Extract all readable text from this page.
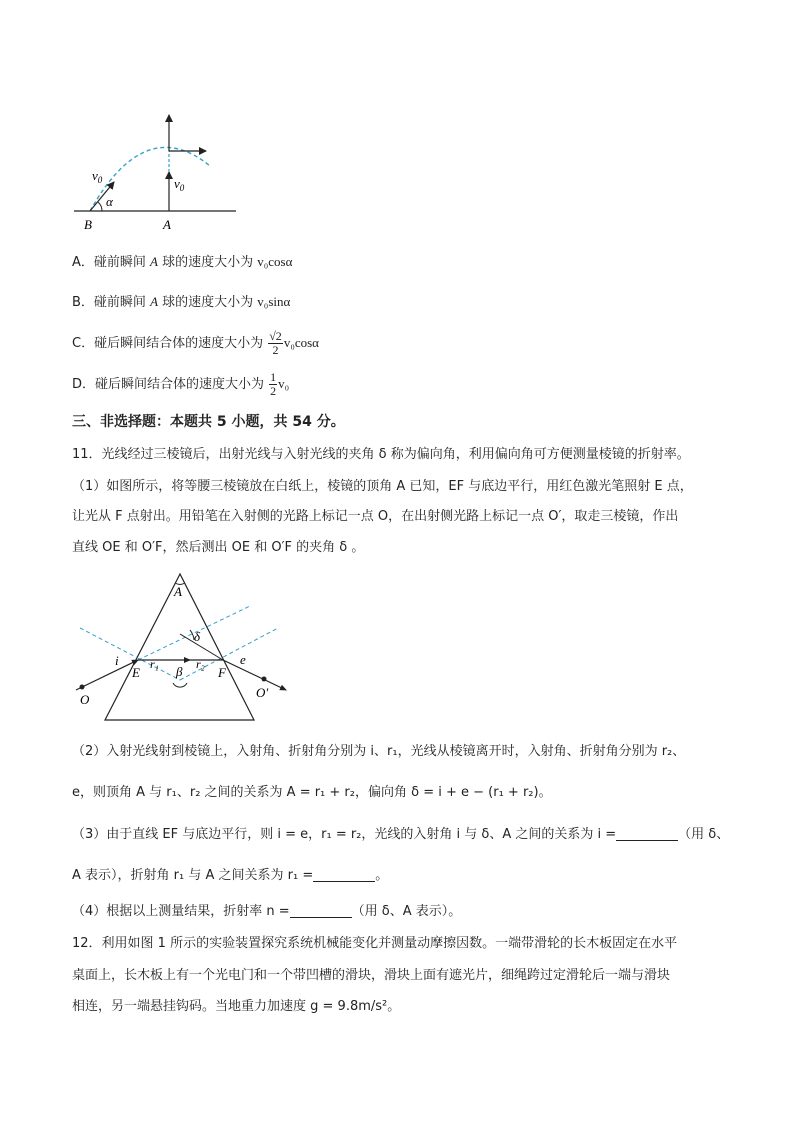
$v_0$
α
$v_0$
B	A
A．碰前瞬间 A 球的速度大小为 v₀cosα
B．碰前瞬间 A 球的速度大小为 v₀sinα
C．碰后瞬间结合体的速度大小为 $\frac{√2}{2} v_0\cos\alpha$
D．碰后瞬间结合体的速度大小为 $\frac{1}{2} v_0$
三、非选择题：本题共 5 小题，共 54 分。
11．光线经过三棱镜后，出射光线与入射光线的夹角 δ 称为偏向角，利用偏向角可方便测量棱镜的折射率。
（1）如图所示，将等腰三棱镜放在白纸上，棱镜的顶角 A 已知，EF 与底边平行，用红色激光笔照射 E 点，
让光从 F 点射出。用铅笔在入射侧的光路上标记一点 O，在出射侧光路上标记一点 O′，取走三棱镜，作出
直线 OE 和 O′F，然后测出 OE 和 O′F 的夹角 δ 。
A
δ
i	r₁ β r₂	e
E	F
O	O′
（2）入射光线射到棱镜上，入射角、折射角分别为 i、r₁，光线从棱镜离开时，入射角、折射角分别为 r₂、
e，则顶角 A 与 r₁、r₂ 之间的关系为 A = r₁ + r₂，偏向角 δ = i + e − (r₁ + r₂)。
（3）由于直线 EF 与底边平行，则 i = e，r₁ = r₂，光线的入射角 i 与 δ、A 之间的关系为 i =	（用 δ、
A 表示），折射角 r₁ 与 A 之间关系为 r₁ =	。
（4）根据以上测量结果，折射率 n =	（用 δ、A 表示）。
12．利用如图 1 所示的实验装置探究系统机械能变化并测量动摩擦因数。一端带滑轮的长木板固定在水平
桌面上，长木板上有一个光电门和一个带凹槽的滑块，滑块上面有遮光片，细绳跨过定滑轮后一端与滑块
相连，另一端悬挂钩码。当地重力加速度 g = 9.8m/s²。
